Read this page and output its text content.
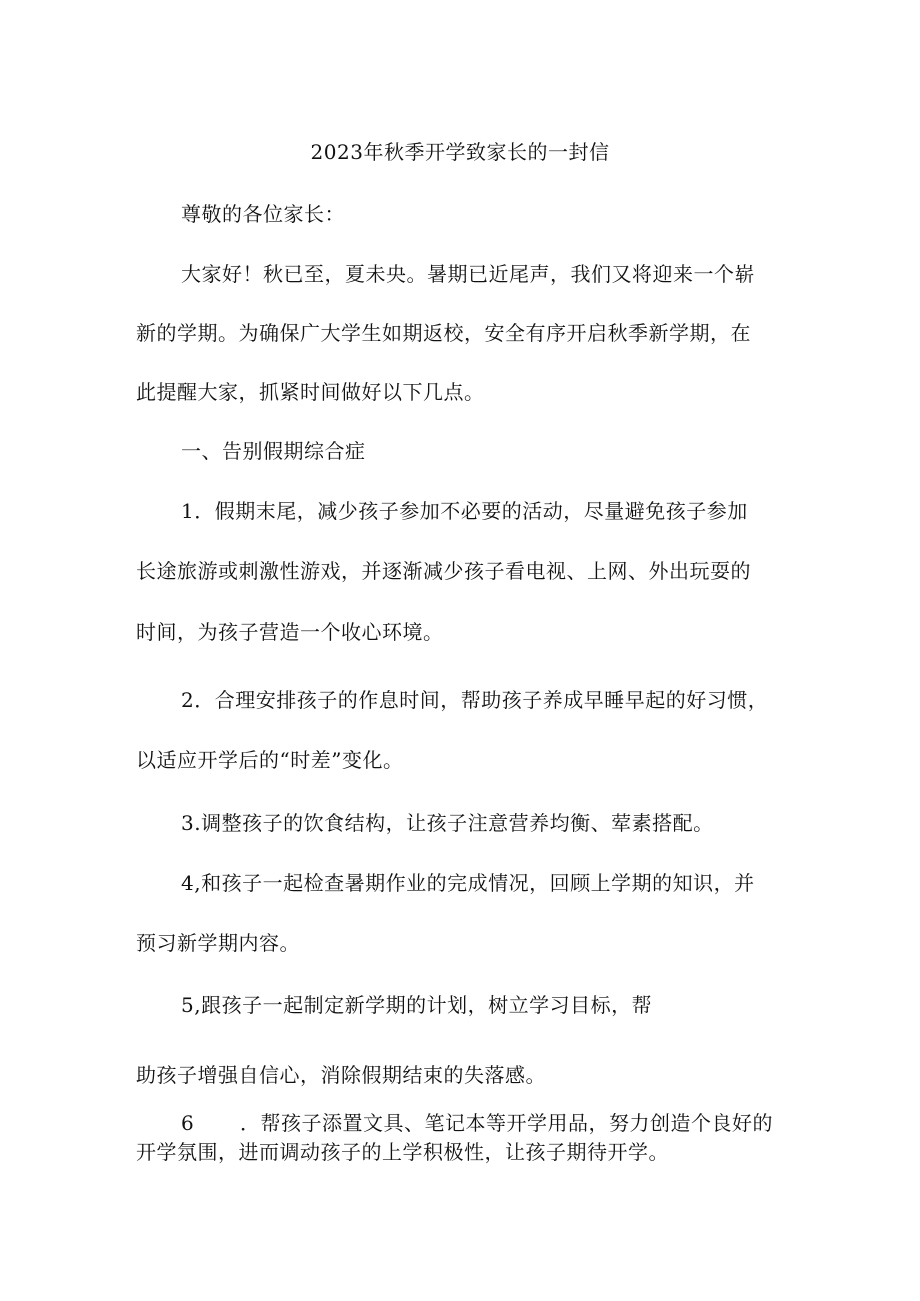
2023年秋季开学致家长的一封信
尊敬的各位家长：
大家好！秋已至，夏未央。暑期已近尾声，我们又将迎来一个崭
新的学期。为确保广大学生如期返校，安全有序开启秋季新学期，在
此提醒大家，抓紧时间做好以下几点。
一、告别假期综合症
1．假期末尾，减少孩子参加不必要的活动，尽量避免孩子参加
长途旅游或刺激性游戏，并逐渐减少孩子看电视、上网、外出玩耍的
时间，为孩子营造一个收心环境。
2．合理安排孩子的作息时间，帮助孩子养成早睡早起的好习惯，
以适应开学后的“时差”变化。
3.调整孩子的饮食结构，让孩子注意营养均衡、荤素搭配。
4,和孩子一起检查暑期作业的完成情况，回顾上学期的知识，并
预习新学期内容。
5,跟孩子一起制定新学期的计划，树立学习目标，帮
助孩子增强自信心，消除假期结束的失落感。
6 ．帮孩子添置文具、笔记本等开学用品，努力创造个良好的
开学氛围，进而调动孩子的上学积极性，让孩子期待开学。
